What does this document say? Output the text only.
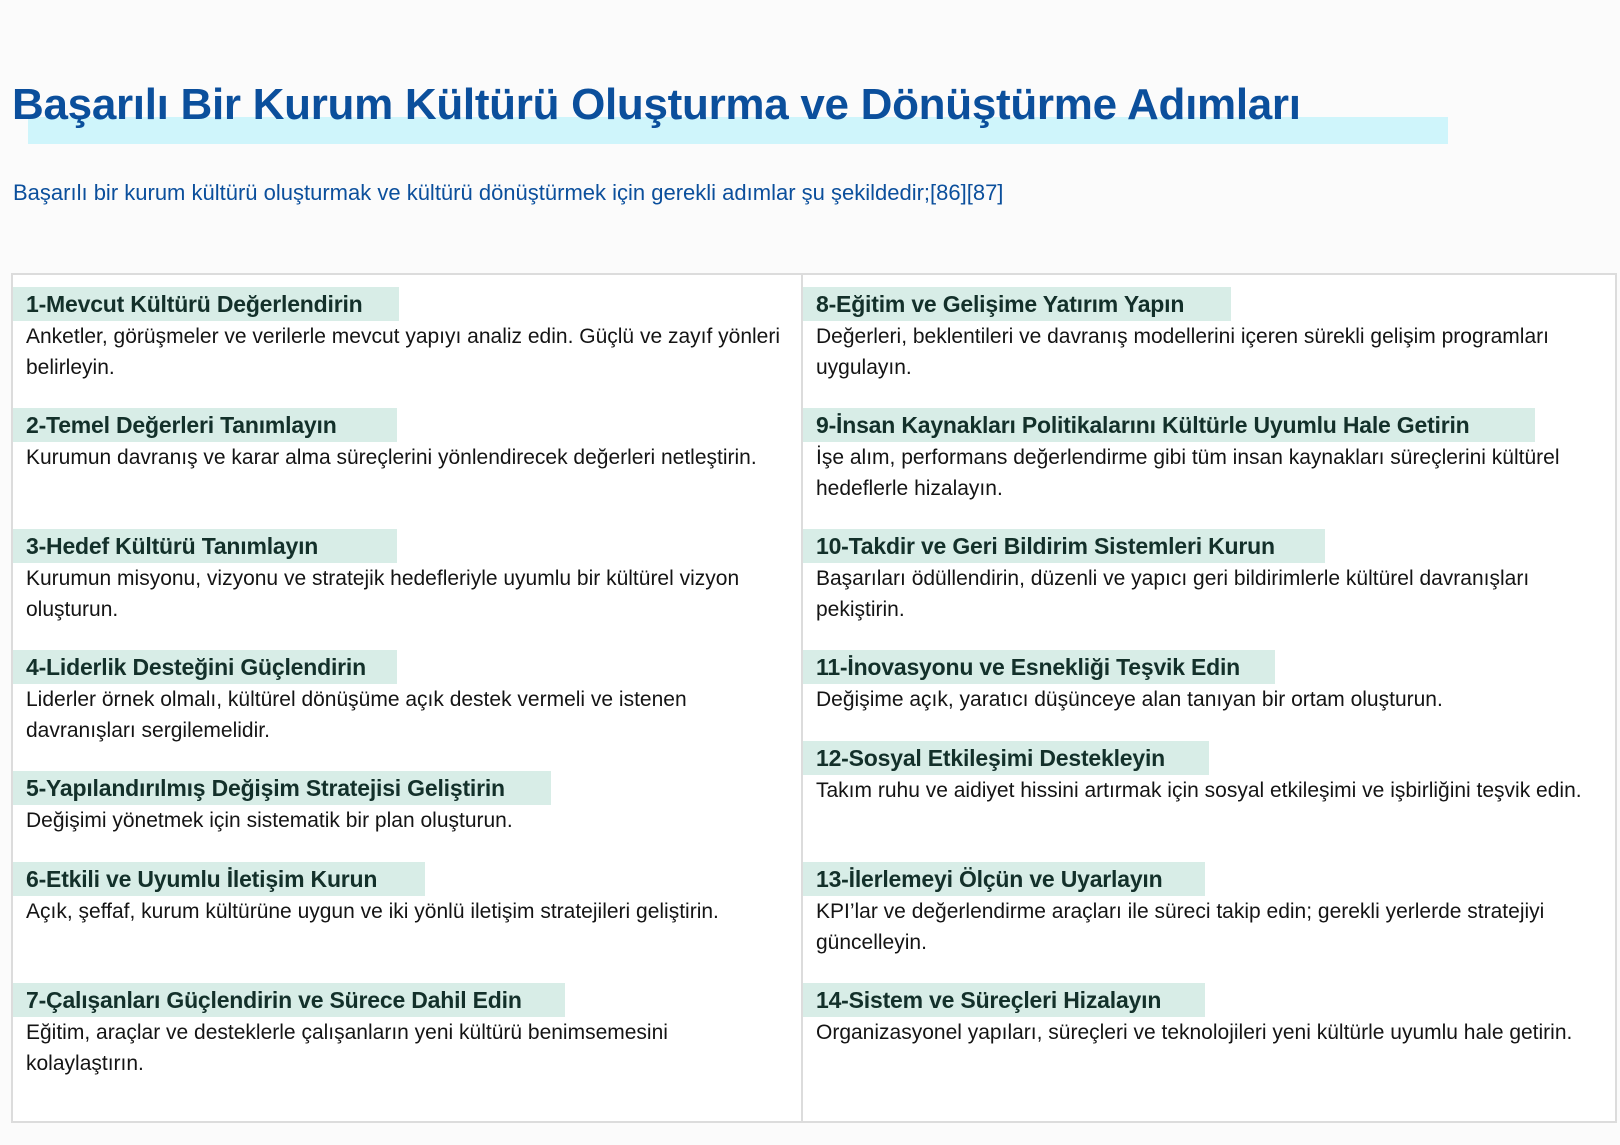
Başarılı Bir Kurum Kültürü Oluşturma ve Dönüştürme Adımları

Başarılı bir kurum kültürü oluşturmak ve kültürü dönüştürmek için gerekli adımlar şu şekildedir;[86][87]

1-Mevcut Kültürü Değerlendirin

Anketler, görüşmeler ve verilerle mevcut yapıyı analiz edin. Güçlü ve zayıf yönleri belirleyin.

2-Temel Değerleri Tanımlayın

Kurumun davranış ve karar alma süreçlerini yönlendirecek değerleri netleştirin.

3-Hedef Kültürü Tanımlayın

Kurumun misyonu, vizyonu ve stratejik hedefleriyle uyumlu bir kültürel vizyon oluşturun.

4-Liderlik Desteğini Güçlendirin

Liderler örnek olmalı, kültürel dönüşüme açık destek vermeli ve istenen davranışları sergilemelidir.

5-Yapılandırılmış Değişim Stratejisi Geliştirin

Değişimi yönetmek için sistematik bir plan oluşturun.

6-Etkili ve Uyumlu İletişim Kurun

Açık, şeffaf, kurum kültürüne uygun ve iki yönlü iletişim stratejileri geliştirin.

7-Çalışanları Güçlendirin ve Sürece Dahil Edin

Eğitim, araçlar ve desteklerle çalışanların yeni kültürü benimsemesini kolaylaştırın.

8-Eğitim ve Gelişime Yatırım Yapın

Değerleri, beklentileri ve davranış modellerini içeren sürekli gelişim programları uygulayın.

9-İnsan Kaynakları Politikalarını Kültürle Uyumlu Hale Getirin

İşe alım, performans değerlendirme gibi tüm insan kaynakları süreçlerini kültürel hedeflerle hizalayın.

10-Takdir ve Geri Bildirim Sistemleri Kurun

Başarıları ödüllendirin, düzenli ve yapıcı geri bildirimlerle kültürel davranışları pekiştirin.

11-İnovasyonu ve Esnekliği Teşvik Edin

Değişime açık, yaratıcı düşünceye alan tanıyan bir ortam oluşturun.

12-Sosyal Etkileşimi Destekleyin

Takım ruhu ve aidiyet hissini artırmak için sosyal etkileşimi ve işbirliğini teşvik edin.

13-İlerlemeyi Ölçün ve Uyarlayın

KPI’lar ve değerlendirme araçları ile süreci takip edin; gerekli yerlerde stratejiyi güncelleyin.

14-Sistem ve Süreçleri Hizalayın

Organizasyonel yapıları, süreçleri ve teknolojileri yeni kültürle uyumlu hale getirin.
